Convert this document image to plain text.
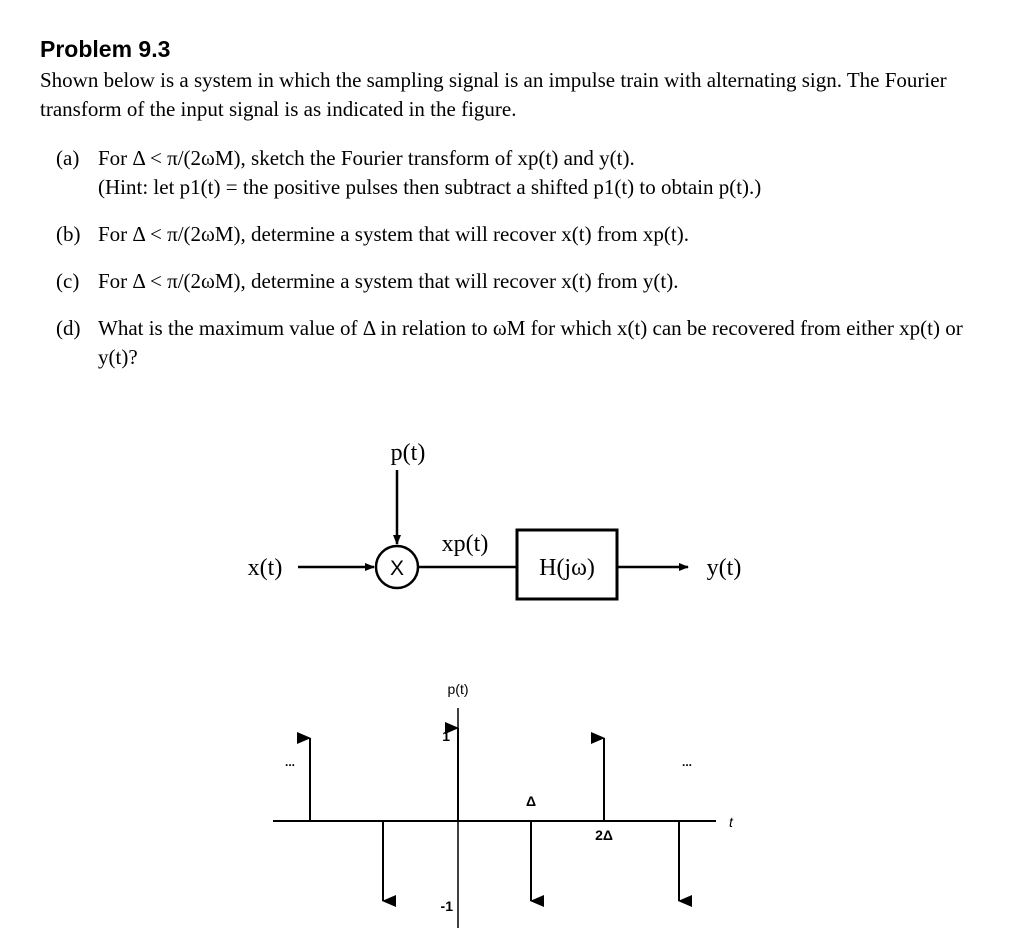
Problem 9.3
Shown below is a system in which the sampling signal is an impulse train with alternating sign. The Fourier transform of the input signal is as indicated in the figure.
(a) For Δ < π/(2ωM), sketch the Fourier transform of xp(t) and y(t).
(Hint: let p1(t) = the positive pulses then subtract a shifted p1(t) to obtain p(t).)
(b) For Δ < π/(2ωM), determine a system that will recover x(t) from xp(t).
(c) For Δ < π/(2ωM), determine a system that will recover x(t) from y(t).
(d) What is the maximum value of Δ in relation to ωM for which x(t) can be recovered from either xp(t) or y(t)?
p(t)
x(t)	X
xp(t)
H(jω)	y(t)
p(t)
t
1
-1
Δ
2Δ
...	...
